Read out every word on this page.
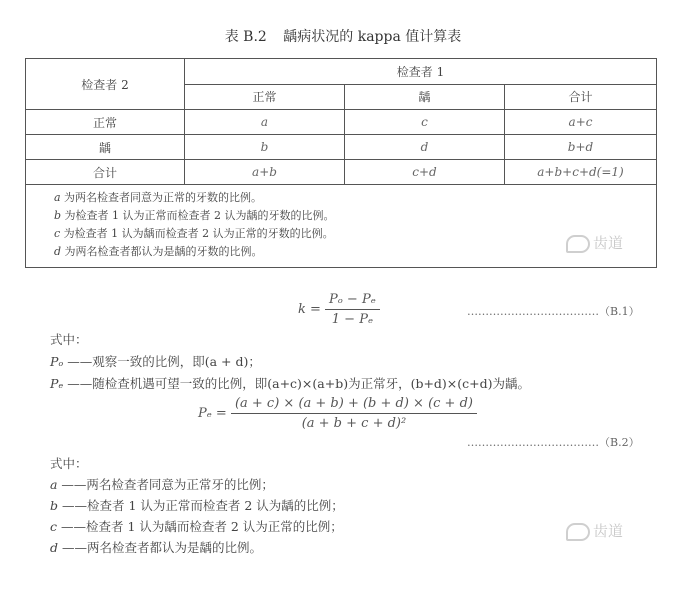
表 B.2 龋病状况的 kappa 值计算表
检查者 2	检查者 1		
	正常	龋	合计
正常	a	c	a+c
龋	b	d	b+d
合计	a+b	c+d	a+b+c+d(=1)

a 为两名检查者同意为正常的牙数的比例。
b 为检查者 1 认为正常而检查者 2 认为龋的牙数的比例。
c 为检查者 1 认为龋而检查者 2 认为正常的牙数的比例。
d 为两名检查者都认为是龋的牙数的比例。				齿道
$k = \frac{\text{Pₒ − Pₑ}}{\text{1 − Pₑ}}$	………………………………（B.1）
式中：
Pₒ ——观察一致的比例，即(a + d)；
Pₑ ——随检查机遇可望一致的比例，即(a+c)×(a+b)为正常牙，(b+d)×(c+d)为龋。
$P_e = \frac{(a + c) \times (a + b) + (b + d) \times (c + d)}{\text{(a + b + c + d)²}}$
………………………………（B.2）
式中：
a ——两名检查者同意为正常牙的比例；
b ——检查者 1 认为正常而检查者 2 认为龋的比例；
c ——检查者 1 认为龋而检查者 2 认为正常的比例；
d ——两名检查者都认为是龋的比例。
齿道
